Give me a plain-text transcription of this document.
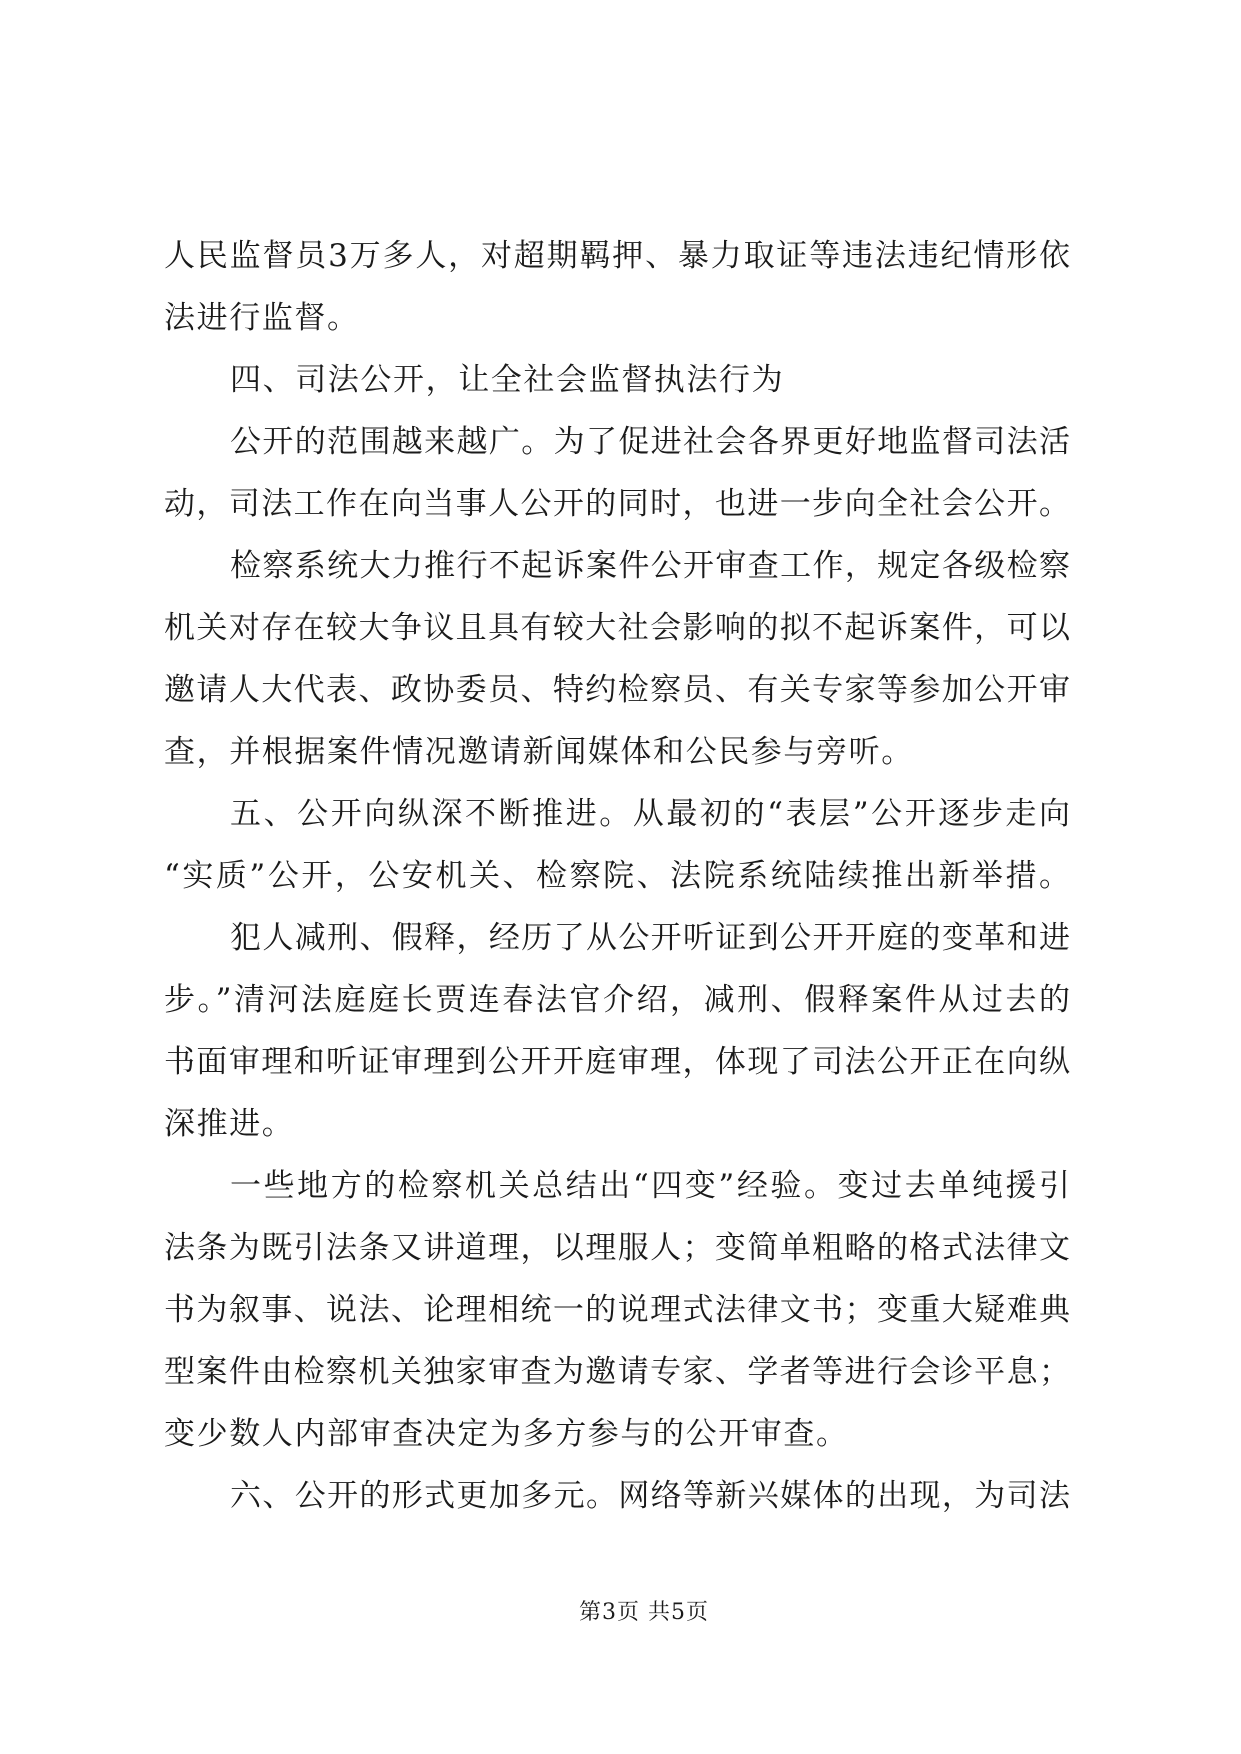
人民监督员3万多人，对超期羁押、暴力取证等违法违纪情形依
法进行监督。
四、司法公开，让全社会监督执法行为
公开的范围越来越广。为了促进社会各界更好地监督司法活
动，司法工作在向当事人公开的同时，也进一步向全社会公开。
检察系统大力推行不起诉案件公开审查工作，规定各级检察
机关对存在较大争议且具有较大社会影响的拟不起诉案件，可以
邀请人大代表、政协委员、特约检察员、有关专家等参加公开审
查，并根据案件情况邀请新闻媒体和公民参与旁听。
五、公开向纵深不断推进。从最初的“表层”公开逐步走向
“实质”公开，公安机关、检察院、法院系统陆续推出新举措。
犯人减刑、假释，经历了从公开听证到公开开庭的变革和进
步。”清河法庭庭长贾连春法官介绍，减刑、假释案件从过去的
书面审理和听证审理到公开开庭审理，体现了司法公开正在向纵
深推进。
一些地方的检察机关总结出“四变”经验。变过去单纯援引
法条为既引法条又讲道理，以理服人；变简单粗略的格式法律文
书为叙事、说法、论理相统一的说理式法律文书；变重大疑难典
型案件由检察机关独家审查为邀请专家、学者等进行会诊平息；
变少数人内部审查决定为多方参与的公开审查。
六、公开的形式更加多元。网络等新兴媒体的出现，为司法
第3页 共5页
